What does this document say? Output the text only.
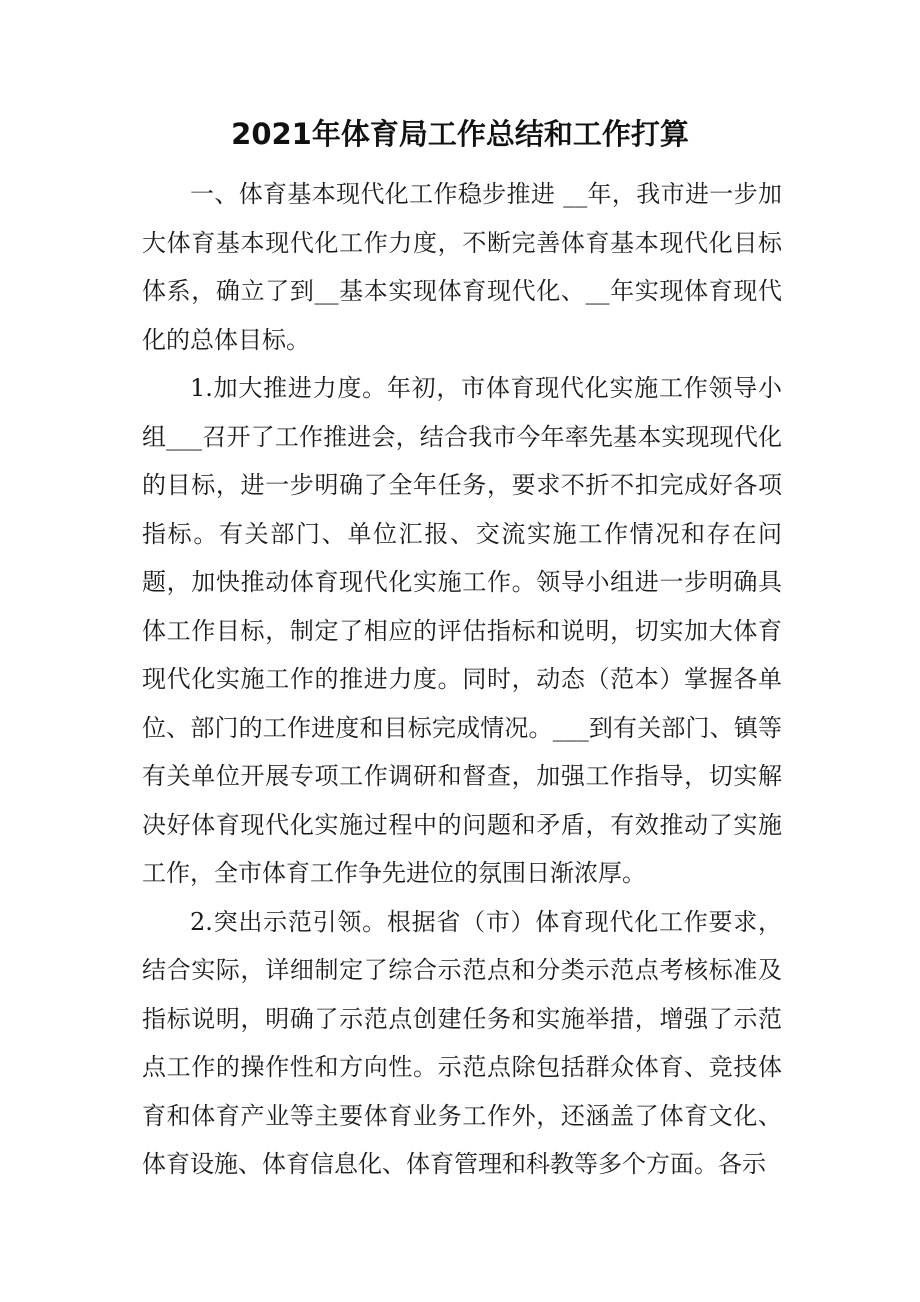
2021年体育局工作总结和工作打算

一、体育基本现代化工作稳步推进 __年，我市进一步加大体育基本现代化工作力度，不断完善体育基本现代化目标体系，确立了到__基本实现体育现代化、__年实现体育现代化的总体目标。

1.加大推进力度。年初，市体育现代化实施工作领导小组___召开了工作推进会，结合我市今年率先基本实现现代化的目标，进一步明确了全年任务，要求不折不扣完成好各项指标。有关部门、单位汇报、交流实施工作情况和存在问题，加快推动体育现代化实施工作。领导小组进一步明确具体工作目标，制定了相应的评估指标和说明，切实加大体育现代化实施工作的推进力度。同时，动态（范本）掌握各单位、部门的工作进度和目标完成情况。___到有关部门、镇等有关单位开展专项工作调研和督查，加强工作指导，切实解决好体育现代化实施过程中的问题和矛盾，有效推动了实施工作，全市体育工作争先进位的氛围日渐浓厚。

2.突出示范引领。根据省（市）体育现代化工作要求，结合实际，详细制定了综合示范点和分类示范点考核标准及指标说明，明确了示范点创建任务和实施举措，增强了示范点工作的操作性和方向性。示范点除包括群众体育、竞技体育和体育产业等主要体育业务工作外，还涵盖了体育文化、体育设施、体育信息化、体育管理和科教等多个方面。各示
